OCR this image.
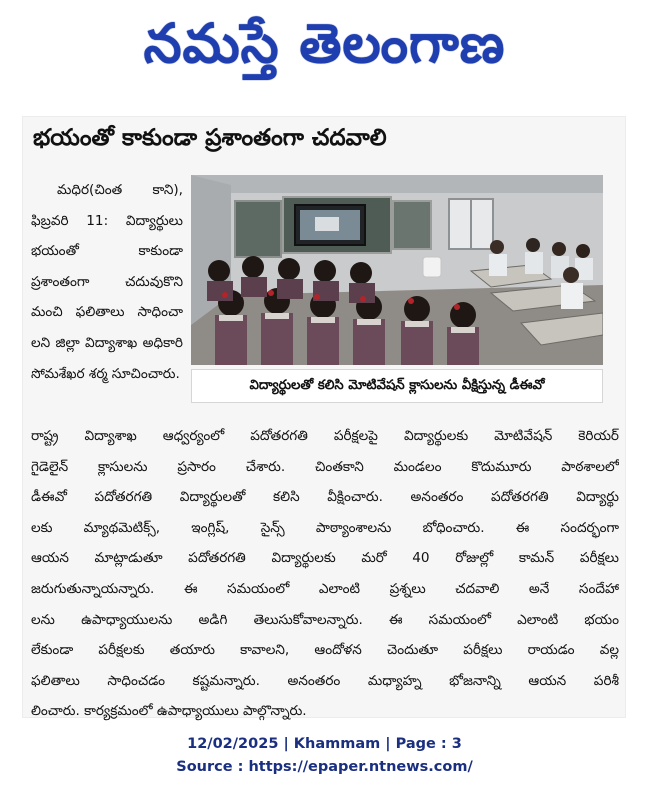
నమస్తే తెలంగాణ
భయంతో కాకుండా ప్రశాంతంగా చదవాలి

మధిర(చింత కాని), ఫిబ్రవరి 11: విద్యార్థులు భయంతో కాకుండా ప్రశాంతంగా చదువుకొని మంచి ఫలితాలు సాధించా లని జిల్లా విద్యాశాఖ అధికారి సోమశేఖర శర్మ సూచించారు.

విద్యార్థులతో కలిసి మోటివేషన్ క్లాసులను వీక్షిస్తున్న డీఈవో

రాష్ట్ర విద్యాశాఖ ఆధ్వర్యంలో పదోతరగతి పరీక్షలపై విద్యార్థులకు మోటివేషన్ కెరియర్
గైడెలైన్ క్లాసులను ప్రసారం చేశారు. చింతకాని మండలం కొదుమూరు పాఠశాలలో
డీఈవో పదోతరగతి విద్యార్థులతో కలిసి వీక్షించారు. అనంతరం పదోతరగతి విద్యార్థు
లకు మ్యాథమెటిక్స్, ఇంగ్లిష్, సైన్స్ పాఠ్యాంశాలను బోధించారు. ఈ సందర్భంగా
ఆయన మాట్లాడుతూ పదోతరగతి విద్యార్థులకు మరో 40 రోజుల్లో కామన్ పరీక్షలు
జరుగుతున్నాయన్నారు. ఈ సమయంలో ఎలాంటి ప్రశ్నలు చదవాలి అనే సందేహా
లను ఉపాధ్యాయులను అడిగి తెలుసుకోవాలన్నారు. ఈ సమయంలో ఎలాంటి భయం
లేకుండా పరీక్షలకు తయారు కావాలని, ఆందోళన చెందుతూ పరీక్షలు రాయడం వల్ల
ఫలితాలు సాధించడం కష్టమన్నారు. అనంతరం మధ్యాహ్న భోజనాన్ని ఆయన పరిశీ
లించారు. కార్యక్రమంలో ఉపాధ్యాయులు పాల్గొన్నారు.

12/02/2025 | Khammam | Page : 3
Source : https://epaper.ntnews.com/
